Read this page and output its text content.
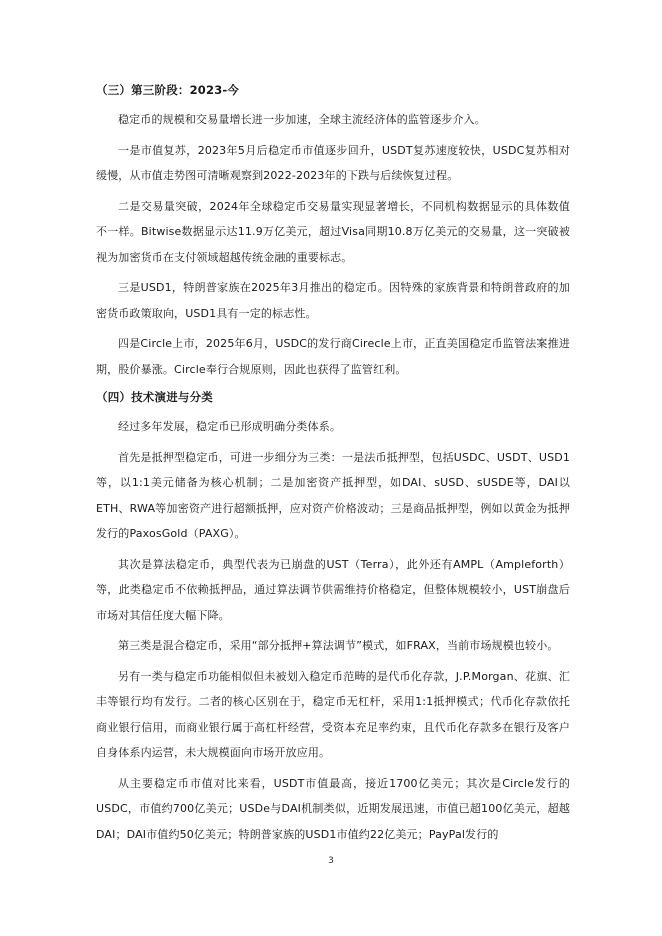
（三）第三阶段：2023-今

稳定币的规模和交易量增长进一步加速，全球主流经济体的监管逐步介入。

一是市值复苏，2023年5月后稳定币市值逐步回升，USDT复苏速度较快，USDC复苏相对缓慢，从市值走势图可清晰观察到2022-2023年的下跌与后续恢复过程。

二是交易量突破，2024年全球稳定币交易量实现显著增长，不同机构数据显示的具体数值不一样。Bitwise数据显示达11.9万亿美元，超过Visa同期10.8万亿美元的交易量，这一突破被视为加密货币在支付领域超越传统金融的重要标志。

三是USD1，特朗普家族在2025年3月推出的稳定币。因特殊的家族背景和特朗普政府的加密货币政策取向，USD1具有一定的标志性。

四是Circle上市，2025年6月，USDC的发行商Cirecle上市，正直美国稳定币监管法案推进期，股价暴涨。Circle奉行合规原则，因此也获得了监管红利。

（四）技术演进与分类

经过多年发展，稳定币已形成明确分类体系。

首先是抵押型稳定币，可进一步细分为三类：一是法币抵押型，包括USDC、USDT、USD1等，以1:1美元储备为核心机制；二是加密资产抵押型，如DAI、sUSD、sUSDE等，DAI以ETH、RWA等加密资产进行超额抵押，应对资产价格波动；三是商品抵押型，例如以黄金为抵押发行的PaxosGold（PAXG）。

其次是算法稳定币，典型代表为已崩盘的UST（Terra），此外还有AMPL（Ampleforth）等，此类稳定币不依赖抵押品，通过算法调节供需维持价格稳定，但整体规模较小，UST崩盘后市场对其信任度大幅下降。

第三类是混合稳定币，采用“部分抵押+算法调节”模式，如FRAX，当前市场规模也较小。

另有一类与稳定币功能相似但未被划入稳定币范畴的是代币化存款，J.P.Morgan、花旗、汇丰等银行均有发行。二者的核心区别在于，稳定币无杠杆，采用1:1抵押模式；代币化存款依托商业银行信用，而商业银行属于高杠杆经营，受资本充足率约束，且代币化存款多在银行及客户自身体系内运营，未大规模面向市场开放应用。

从主要稳定币市值对比来看，USDT市值最高，接近1700亿美元；其次是Circle发行的USDC，市值约700亿美元；USDe与DAI机制类似，近期发展迅速，市值已超100亿美元，超越DAI；DAI市值约50亿美元；特朗普家族的USD1市值约22亿美元；PayPal发行的

3
